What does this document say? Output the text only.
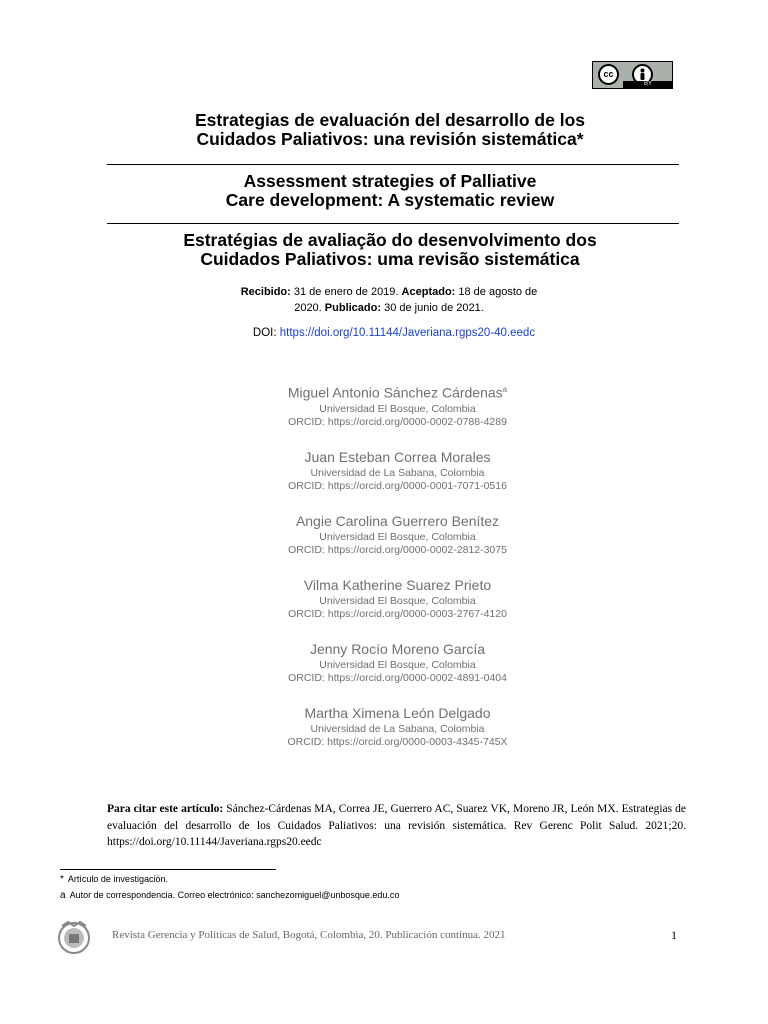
cc
BY
Estrategias de evaluación del desarrollo de los
Cuidados Paliativos: una revisión sistemática*
Assessment strategies of Palliative
Care development: A systematic review
Estratégias de avaliação do desenvolvimento dos
Cuidados Paliativos: uma revisão sistemática
Recibido: 31 de enero de 2019. Aceptado: 18 de agosto de 2020. Publicado: 30 de junio de 2021.
DOI: https://doi.org/10.11144/Javeriana.rgps20-40.eedc
Miguel Antonio Sánchez Cárdenas$^a$
Universidad El Bosque, Colombia
ORCID: https://orcid.org/0000-0002-0788-4289
Juan Esteban Correa Morales
Universidad de La Sabana, Colombia
ORCID: https://orcid.org/0000-0001-7071-0516
Angie Carolina Guerrero Benítez
Universidad El Bosque, Colombia
ORCID: https://orcid.org/0000-0002-2812-3075
Vilma Katherine Suarez Prieto
Universidad El Bosque, Colombia
ORCID: https://orcid.org/0000-0003-2767-4120
Jenny Rocío Moreno García
Universidad El Bosque, Colombia
ORCID: https://orcid.org/0000-0002-4891-0404
Martha Ximena León Delgado
Universidad de La Sabana, Colombia
ORCID: https://orcid.org/0000-0003-4345-745X
Para citar este artículo: Sánchez-Cárdenas MA, Correa JE, Guerrero AC, Suarez VK, Moreno JR, León MX. Estrategias de evaluación del desarrollo de los Cuidados Paliativos: una revisión sistemática. Rev Gerenc Polit Salud. 2021;20. https://doi.org/10.11144/Javeriana.rgps20.eedc
* Artículo de investigación.
a Autor de correspondencia. Correo electrónico: sanchezomiguel@unbosque.edu.co
Revista Gerencia y Políticas de Salud, Bogotá, Colombia, 20. Publicación continua. 2021	1
